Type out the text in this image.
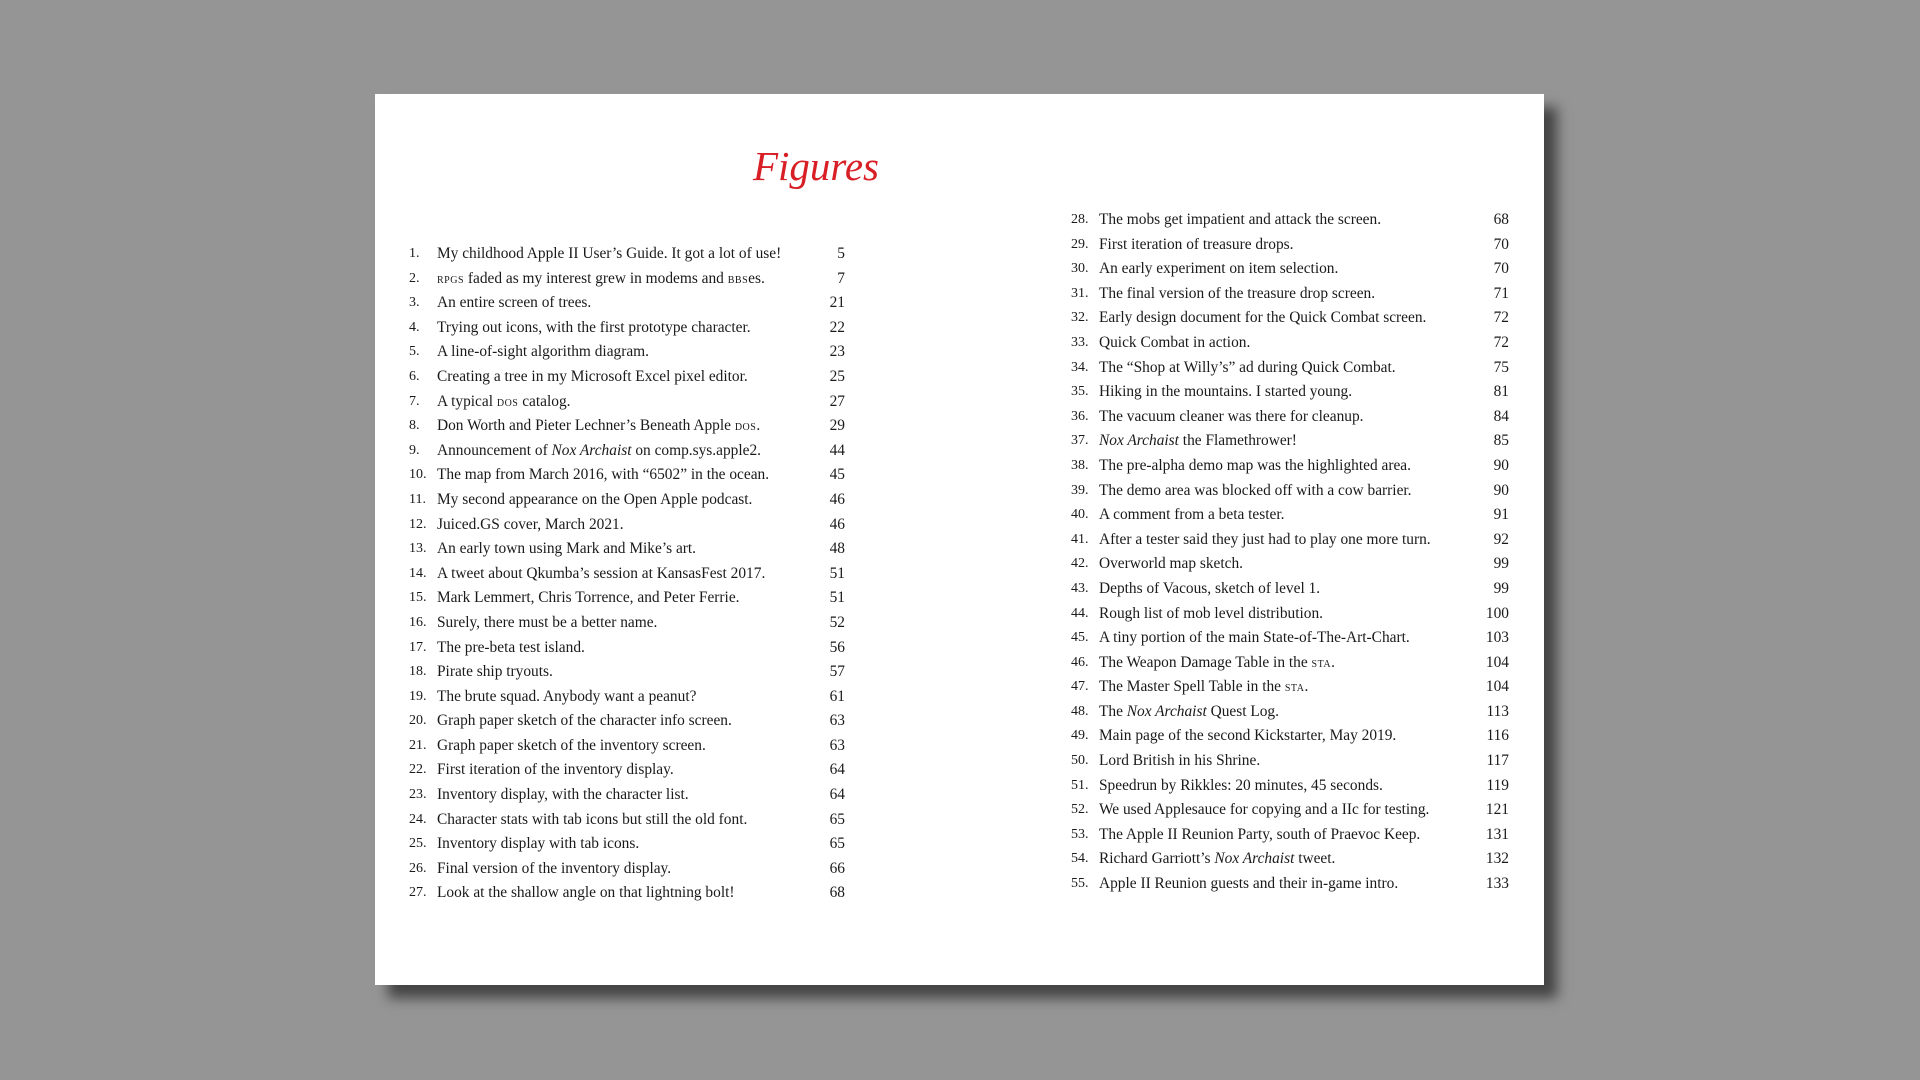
Figures
1.	My childhood Apple II User’s Guide. It got a lot of use!	5
2.	rpgs faded as my interest grew in modems and bbses.	7
3.	An entire screen of trees.	21
4.	Trying out icons, with the first prototype character.	22
5.	A line-of-sight algorithm diagram.	23
6.	Creating a tree in my Microsoft Excel pixel editor.	25
7.	A typical dos catalog.	27
8.	Don Worth and Pieter Lechner’s Beneath Apple dos.	29
9.	Announcement of Nox Archaist on comp.sys.apple2.	44
10. The map from March 2016, with “6502” in the ocean.	45
11. My second appearance on the Open Apple podcast.	46
12. Juiced.GS cover, March 2021.	46
13. An early town using Mark and Mike’s art.	48
14. A tweet about Qkumba’s session at KansasFest 2017.	51
15. Mark Lemmert, Chris Torrence, and Peter Ferrie.	51
16. Surely, there must be a better name.	52
17. The pre-beta test island.	56
18. Pirate ship tryouts.	57
19. The brute squad. Anybody want a peanut?	61
20. Graph paper sketch of the character info screen.	63
21. Graph paper sketch of the inventory screen.	63
22. First iteration of the inventory display.	64
23. Inventory display, with the character list.	64
24. Character stats with tab icons but still the old font.	65
25. Inventory display with tab icons.	65
26. Final version of the inventory display.	66
27. Look at the shallow angle on that lightning bolt!	68
28. The mobs get impatient and attack the screen.	68
29. First iteration of treasure drops.	70
30. An early experiment on item selection.	70
31. The final version of the treasure drop screen.	71
32. Early design document for the Quick Combat screen.	72
33. Quick Combat in action.	72
34. The “Shop at Willy’s” ad during Quick Combat.	75
35. Hiking in the mountains. I started young.	81
36. The vacuum cleaner was there for cleanup.	84
37. Nox Archaist the Flamethrower!	85
38. The pre-alpha demo map was the highlighted area.	90
39. The demo area was blocked off with a cow barrier.	90
40. A comment from a beta tester.	91
41. After a tester said they just had to play one more turn.	92
42. Overworld map sketch.	99
43. Depths of Vacous, sketch of level 1.	99
44. Rough list of mob level distribution.	100
45. A tiny portion of the main State-of-The-Art-Chart.	103
46. The Weapon Damage Table in the sta.	104
47. The Master Spell Table in the sta.	104
48. The Nox Archaist Quest Log.	113
49. Main page of the second Kickstarter, May 2019.	116
50. Lord British in his Shrine.	117
51. Speedrun by Rikkles: 20 minutes, 45 seconds.	119
52. We used Applesauce for copying and a IIc for testing.	121
53. The Apple II Reunion Party, south of Praevoc Keep.	131
54. Richard Garriott’s Nox Archaist tweet.	132
55. Apple II Reunion guests and their in-game intro.	133
